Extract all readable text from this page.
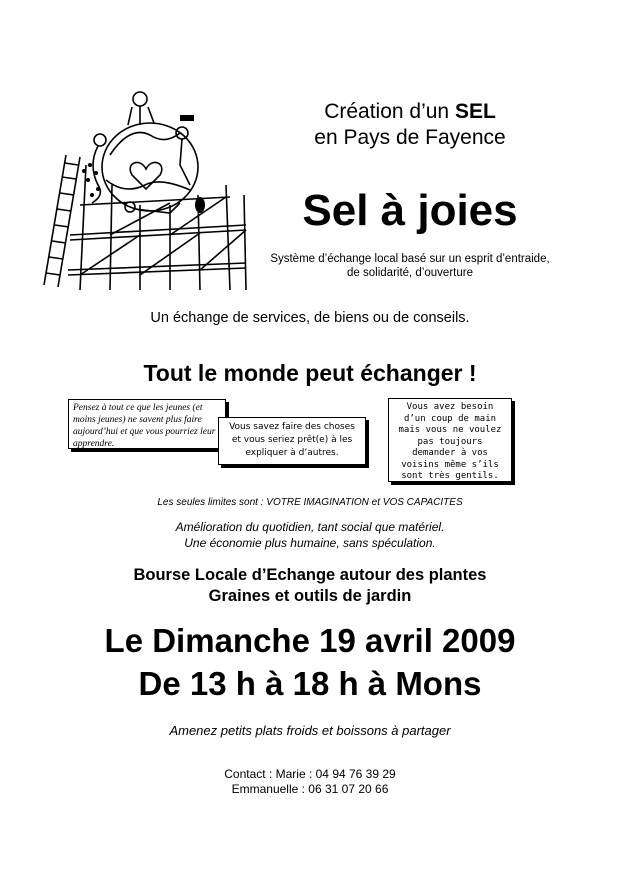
Création d’un SEL
en Pays de Fayence
Sel à joies
Système d’échange local basé sur un esprit d’entraide,
de solidarité, d’ouverture
Un échange de services, de biens ou de conseils.
Tout le monde peut échanger !
Pensez à tout ce que les jeunes (et
moins jeunes) ne savent plus faire
aujourd’hui et que vous pourriez leur
apprendre.
Vous savez faire des choses
et vous seriez prêt(e) à les
expliquer à d’autres.
Vous avez besoin
d’un coup de main
mais vous ne voulez
pas toujours
demander à vos
voisins même s’ils
sont très gentils.
Les seules limites sont : VOTRE IMAGINATION et VOS CAPACITES
Amélioration du quotidien, tant social que matériel.
Une économie plus humaine, sans spéculation.
Bourse Locale d’Echange autour des plantes
Graines et outils de jardin
Le Dimanche 19 avril 2009
De 13 h à 18 h à Mons
Amenez petits plats froids et boissons à partager
Contact : Marie : 04 94 76 39 29
Emmanuelle : 06 31 07 20 66
